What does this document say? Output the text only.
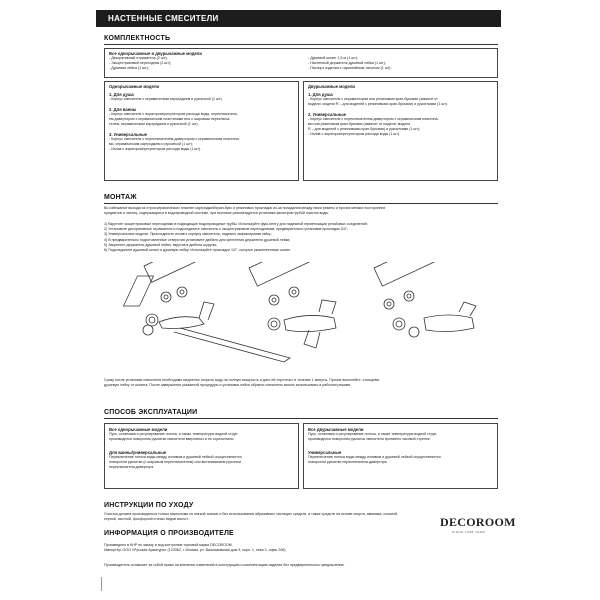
НАСТЕННЫЕ СМЕСИТЕЛИ
КОМПЛЕКТНОСТЬ

Все однорычажные и двурычажные модели

- Декоративный отражатель (2 шт);

- Эксцентриковый переходник (2 шт);

- Душевая лейка (1 шт);

- Душевой шланг 1,5 м (1 шт);

- Настенный держатель душевой лейки (1 шт);

- Паспорт изделия с гарантийным талоном (1 шт).

Однорычажные модели

1. Для душа

- Корпус смесителя с керамическим картриджем и рукояткой (1 шт).

2. Для ванны

- Корпус смесителя с аэратором/регулятором расхода воды, переключатель-

ем-дивертором с керамическим пластинами или с шаровым переключа-

телем, керамическим картриджем и рукояткой (1 шт).

3. Универсальные

- Корпус смесителя с переключателем-дивертором с керамическим пластина-

ми, керамическим картриджем и рукояткой (1 шт);

- Излив с аэратором/регулятором расхода воды (1 шт).

Двурычажные модели

1. Для душа

- Корпус смесителя с керамическим или резиновым кран-буксами (зависит от

модели: модели R – для моделей с резиновыми кран-буксами) и рукоятками (1 шт).

2. Универсальные

- Корпус смесителя с переключателем-дивертором с керамическим пластина-

ми или резиновым кран-буксами (зависит от модели: модели

R – для моделей с резиновыми кран-буксами) и рукоятками (1 шт);

- Излив с аэратором/регулятором расхода воды (1 шт).

МОНТАЖ

Во избежание выхода из строя керамических пластин картриджей/кран-букс и резиновых прокладок из-за попадания между ними резины и прочих мелких посторонних

предметов и частиц, содержащихся в водопроводной системе, при монтаже рекомендуется установка фильтров грубой очистки воды.

1) Вкрутите эксцентриковые переходники в подводящие водопроводные трубы. Используйте фум-ленту для надежной герметизации резьбовых соединений;

2) Установите декоративные отражатели и подсоедините смеситель к эксцентриковым переходникам, предварительно установив прокладки 3/4";

3) Универсальные модели. Присоедините излив к корпусу смесителя, надежно зафиксировав гайку;

4) В предварительно подготовленные отверстия установите дюбели для крепления держателя душевой лейки;

5) Закрепите держатель душевой лейки, вкрутив в дюбели шурупы;

6) Подсоедините душевой шланг и душевую лейку. Используйте прокладки 1/2", которые укомплектован шланг.

Сразу после установки смесителя необходимо медленно открыть воду на полную мощность и дать ей «протечь» в течение 1 минуты. Прочие выполнйте, стоящеме

душевую лейку от шланга. После завершения указанной процедуры и установки лейки обратно смеситель можно использовать в рабочем режиме.

СПОСОБ ЭКСПЛУАТАЦИИ

Все однорычажные модели

Пуск, остановка и регулирование потока, а также температуры водной струи

производится поворотом рукоятки смесителя вверх/вниз и по горизонтали.

Для ванны/универсальные

Переключение потока воды между изливом и душевой лейкой осуществляется

поворотом рукоятки (с шаровым переключателем) или вытягиванием рукоятки

переключателя-дивертора.

Все двурычажные модели

Пуск, остановка и регулирование потока, а также температуры водной струи

производится поворотом рукояток смесителя против/по часовой стрелке.

Универсальные

Переключение потока воды между изливом и душевой лейкой осуществляется

поворотом рукоятки переключателя-дивертора.

ИНСТРУКЦИИ ПО УХОДУ

Очистка должна производиться только мыльными по мягкой тканью и без использования абразивных чистящих средств, а также средств на основе спирта, аммиака, соляной,

серной, азотной, фосфорной и иных видов кислот.

ИНФОРМАЦИЯ О ПРОИЗВОДИТЕЛЕ

Произведено в КНР по заказу и под контролем торговой марки DECOROOM.

Импортёр: ООО «Русская Арматура» (123362, г. Москва, ул. Вишняковская дом 9, корп. 1, этаж 2, офис 208)

Производитель оставляет за собой право на внесение изменений в конструкцию и комплектацию изделия без предварительного уведомления.

DECOROOM
SINCE 1998 YEAR
